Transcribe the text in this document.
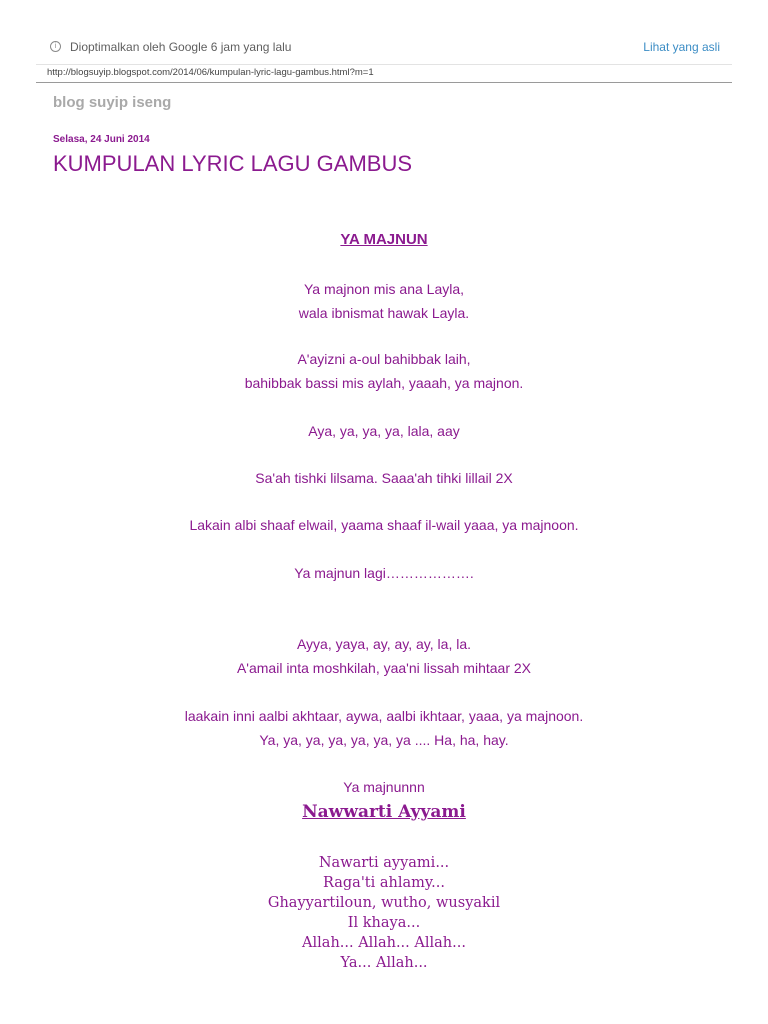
i	Dioptimalkan oleh Google 6 jam yang lalu	Lihat yang asli
http://blogsuyip.blogspot.com/2014/06/kumpulan-lyric-lagu-gambus.html?m=1
blog suyip iseng
Selasa, 24 Juni 2014
KUMPULAN LYRIC LAGU GAMBUS
YA MAJNUN
Ya majnon mis ana Layla,
wala ibnismat hawak Layla.
A'ayizni a-oul bahibbak laih,
bahibbak bassi mis aylah, yaaah, ya majnon.
Aya, ya, ya, ya, lala, aay
Sa'ah tishki lilsama. Saaa'ah tihki lillail 2X
Lakain albi shaaf elwail, yaama shaaf il-wail yaaa, ya majnoon.
Ya majnun lagi……………….
Ayya, yaya, ay, ay, ay, la, la.
A'amail inta moshkilah, yaa'ni lissah mihtaar 2X
laakain inni aalbi akhtaar, aywa, aalbi ikhtaar, yaaa, ya majnoon.
Ya, ya, ya, ya, ya, ya, ya .... Ha, ha, hay.
Ya majnunnn
Nawwarti Ayyami
Nawarti ayyami...
Raga'ti ahlamy...
Ghayyartiloun, wutho, wusyakil
Il khaya...
Allah... Allah... Allah...
Ya... Allah...
